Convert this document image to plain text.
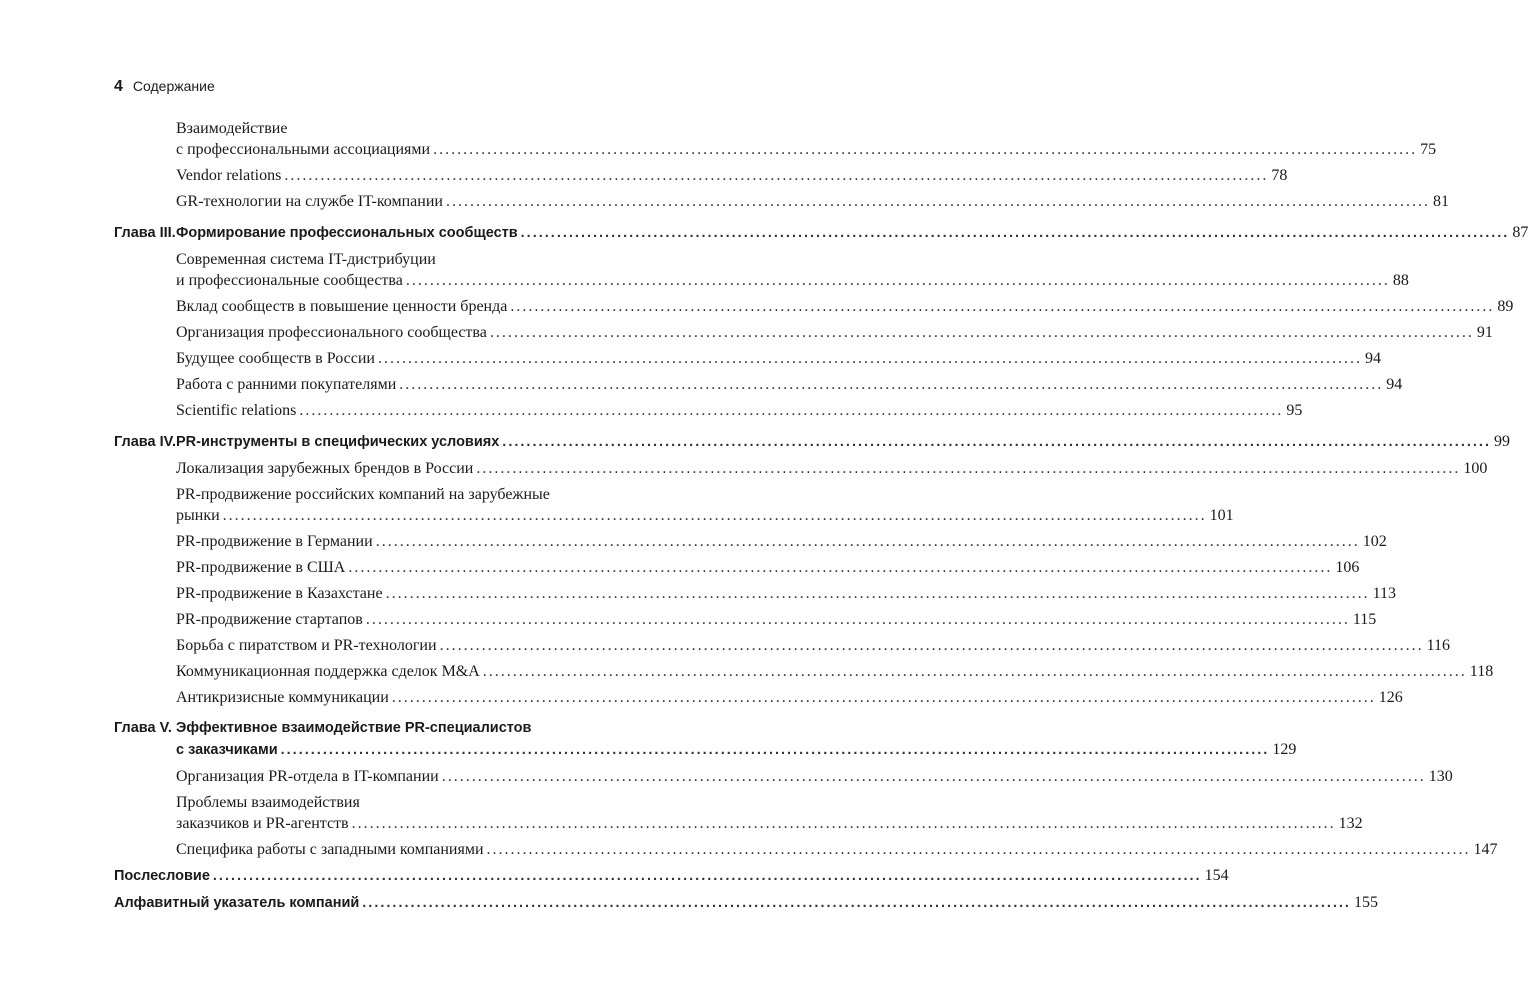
4 Содержание
Взаимодействие
с профессиональными ассоциациями .....	75
Vendor relations .....	78
GR-технологии на службе IT-компании .....	81
Глава III. Формирование профессиональных сообществ .....	87
Современная система IT-дистрибуции
и профессиональные сообщества .....	88
Вклад сообществ в повышение ценности бренда .....	89
Организация профессионального сообщества .....	91
Будущее сообществ в России .....	94
Работа с ранними покупателями .....	94
Scientific relations .....	95
Глава IV. PR-инструменты в специфических условиях .....	99
Локализация зарубежных брендов в России .....	100
PR-продвижение российских компаний на зарубежные
рынки .....	101
PR-продвижение в Германии .....	102
PR-продвижение в США .....	106
PR-продвижение в Казахстане .....	113
PR-продвижение стартапов .....	115
Борьба с пиратством и PR-технологии .....	116
Коммуникационная поддержка сделок M&A .....	118
Антикризисные коммуникации .....	126
Глава V. Эффективное взаимодействие PR-специалистов
с заказчиками .....	129
Организация PR-отдела в IT-компании .....	130
Проблемы взаимодействия
заказчиков и PR-агентств .....	132
Специфика работы с западными компаниями .....	147
Послесловие .....	154
Алфавитный указатель компаний .....	155
